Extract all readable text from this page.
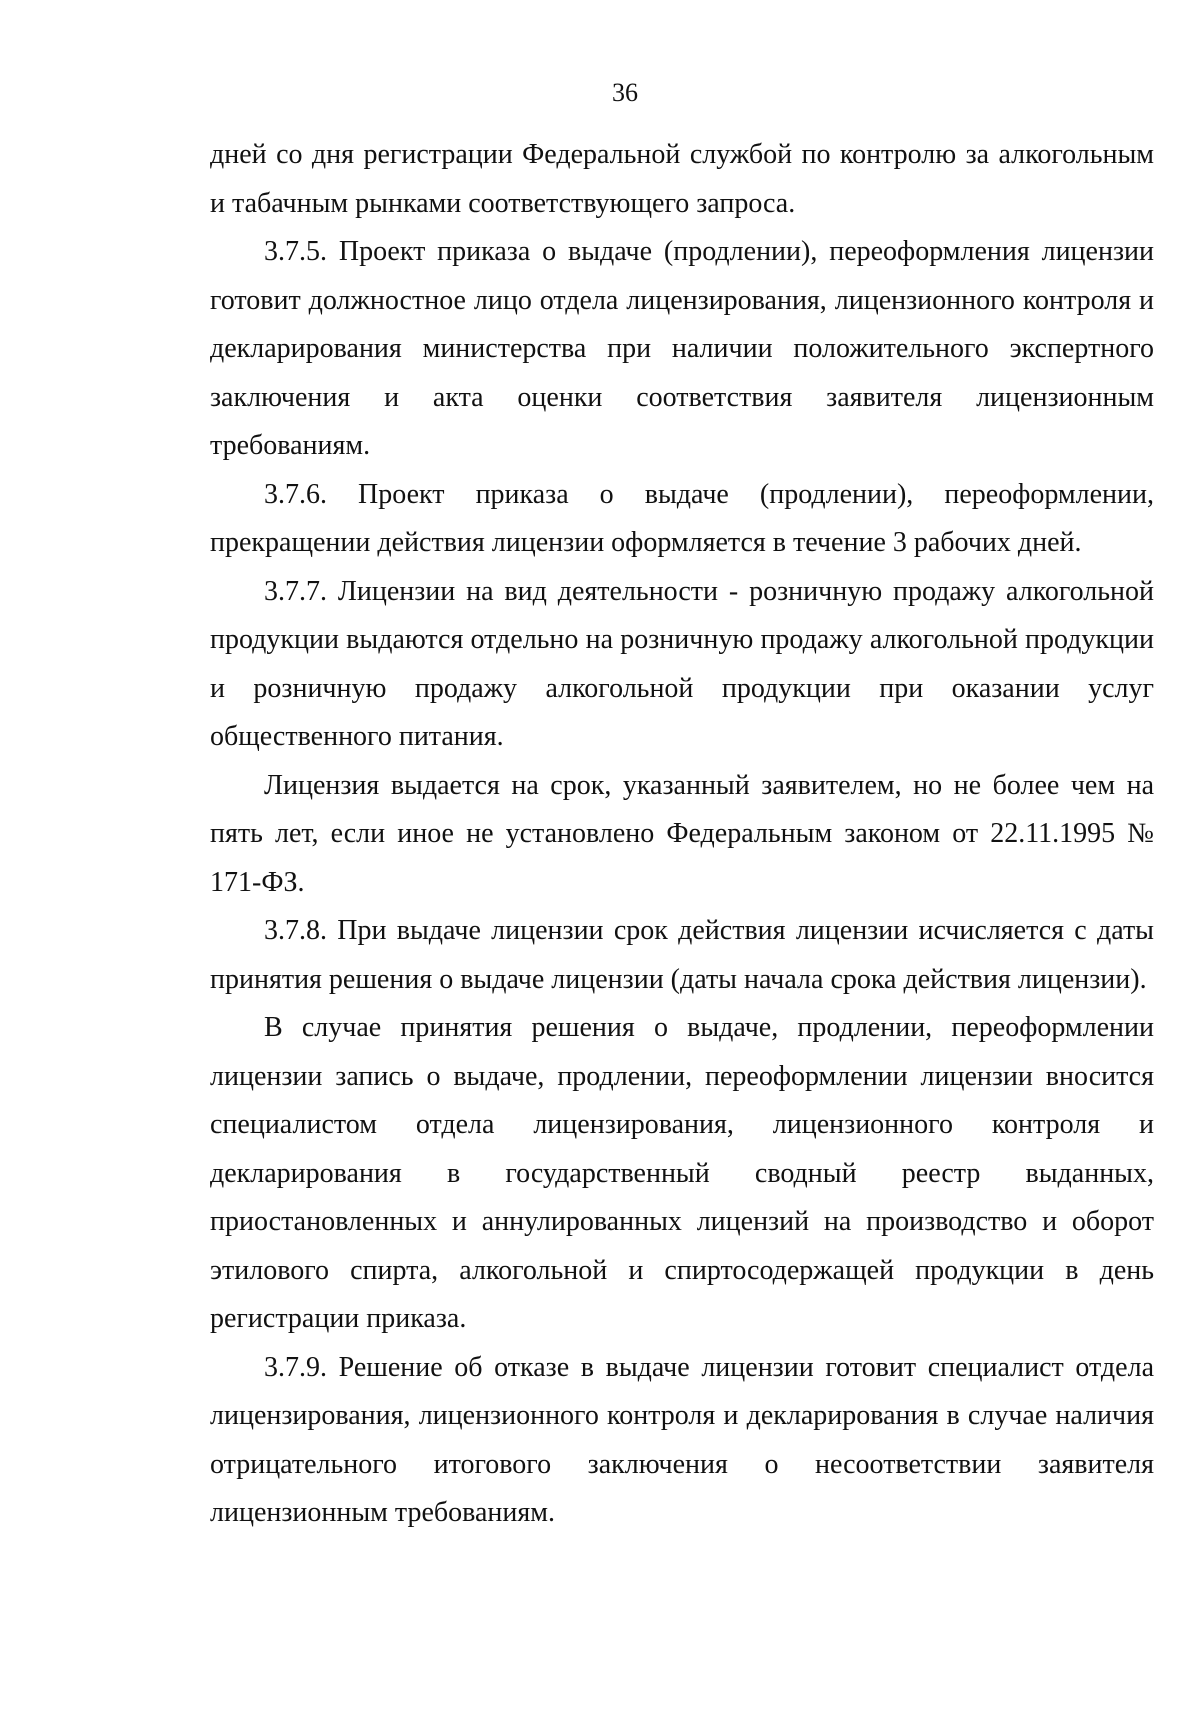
36

дней со дня регистрации Федеральной службой по контролю за алкогольным и табачным рынками соответствующего запроса.

3.7.5. Проект приказа о выдаче (продлении), переоформления лицензии готовит должностное лицо отдела лицензирования, лицензионного контроля и декларирования министерства при наличии положительного экспертного заключения и акта оценки соответствия заявителя лицензионным требованиям.

3.7.6. Проект приказа о выдаче (продлении), переоформлении, прекращении действия лицензии оформляется в течение 3 рабочих дней.

3.7.7. Лицензии на вид деятельности - розничную продажу алкогольной продукции выдаются отдельно на розничную продажу алкогольной продукции и розничную продажу алкогольной продукции при оказании услуг общественного питания.

Лицензия выдается на срок, указанный заявителем, но не более чем на пять лет, если иное не установлено Федеральным законом от 22.11.1995 № 171-ФЗ.

3.7.8. При выдаче лицензии срок действия лицензии исчисляется с даты принятия решения о выдаче лицензии (даты начала срока действия лицензии).

В случае принятия решения о выдаче, продлении, переоформлении лицензии запись о выдаче, продлении, переоформлении лицензии вносится специалистом отдела лицензирования, лицензионного контроля и декларирования в государственный сводный реестр выданных, приостановленных и аннулированных лицензий на производство и оборот этилового спирта, алкогольной и спиртосодержащей продукции в день регистрации приказа.

3.7.9. Решение об отказе в выдаче лицензии готовит специалист отдела лицензирования, лицензионного контроля и декларирования в случае наличия отрицательного итогового заключения о несоответствии заявителя лицензионным требованиям.
